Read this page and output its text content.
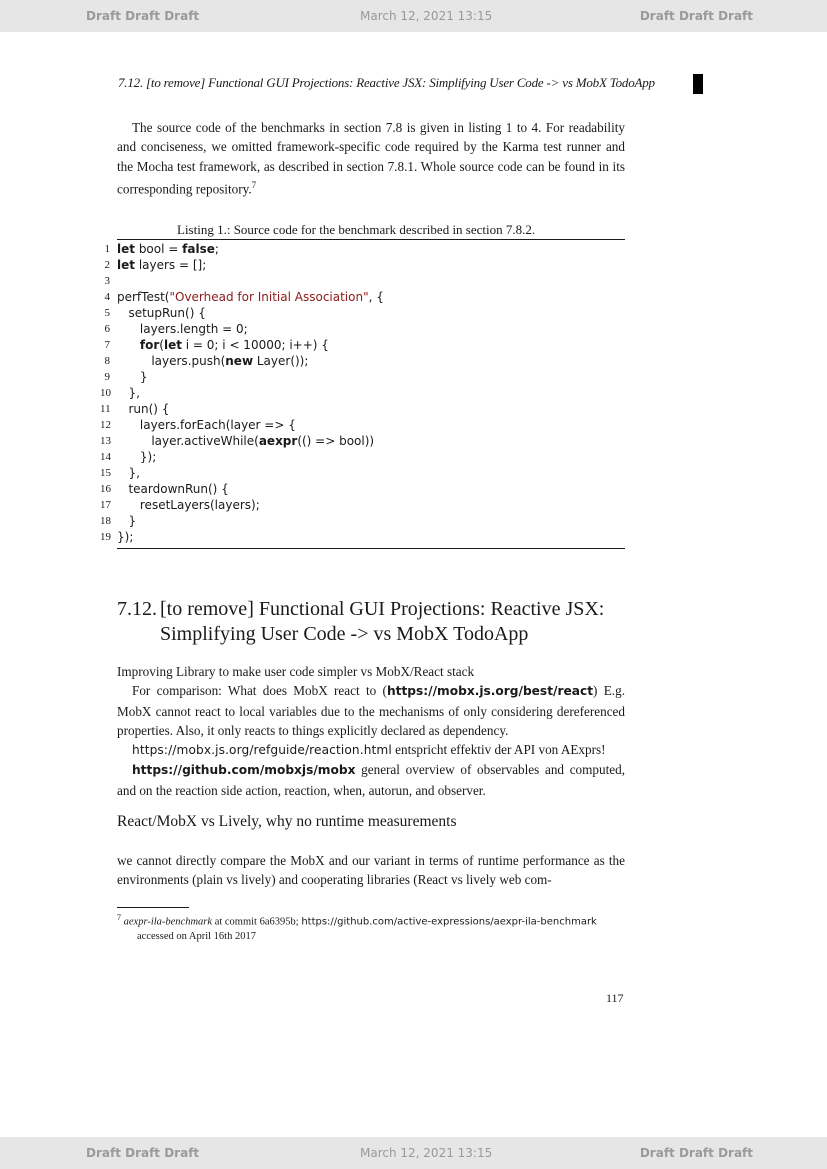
Draft Draft Draft	March 12, 2021 13:15	Draft Draft Draft
7.12. [to remove] Functional GUI Projections: Reactive JSX: Simplifying User Code -> vs MobX TodoApp

The source code of the benchmarks in section 7.8 is given in listing 1 to 4. For readability and conciseness, we omitted framework-specific code required by the Karma test runner and the Mocha test framework, as described in section 7.8.1. Whole source code can be found in its corresponding repository.$^7$

Listing 1.: Source code for the benchmark described in section 7.8.2.
1 let bool = false;
2 let layers = [];
3
4 perfTest("Overhead for Initial Association", {
5 setupRun() {
6 layers.length = 0;
7	for(let i = 0; i < 10000; i++) {
8 layers.push(new Layer());
9 }
10 },
11 run() {
12 layers.forEach(layer => {
13 layer.activeWhile(aexpr(() => bool))
14 });
15 },
16 teardownRun() {
17 resetLayers(layers);
18 }
19 });
7.12. [to remove] Functional GUI Projections: Reactive JSX:
Simplifying User Code -> vs MobX TodoApp

Improving Library to make user code simpler vs MobX/React stack

For comparison: What does MobX react to (https://mobx.js.org/best/react) E.g. MobX cannot react to local variables due to the mechanisms of only considering dereferenced properties. Also, it only reacts to things explicitly declared as dependency.

https://mobx.js.org/refguide/reaction.html entspricht effektiv der API von AExprs!

https://github.com/mobxjs/mobx general overview of observables and computed, and on the reaction side action, reaction, when, autorun, and observer.

React/MobX vs Lively, why no runtime measurements

we cannot directly compare the MobX and our variant in terms of runtime performance as the environments (plain vs lively) and cooperating libraries (React vs lively web com-

$^7$ aexpr-ila-benchmark at commit 6a6395b; https://github.com/active-expressions/aexpr-ila-benchmark
accessed on April 16th 2017
117
Draft Draft Draft	March 12, 2021 13:15	Draft Draft Draft
